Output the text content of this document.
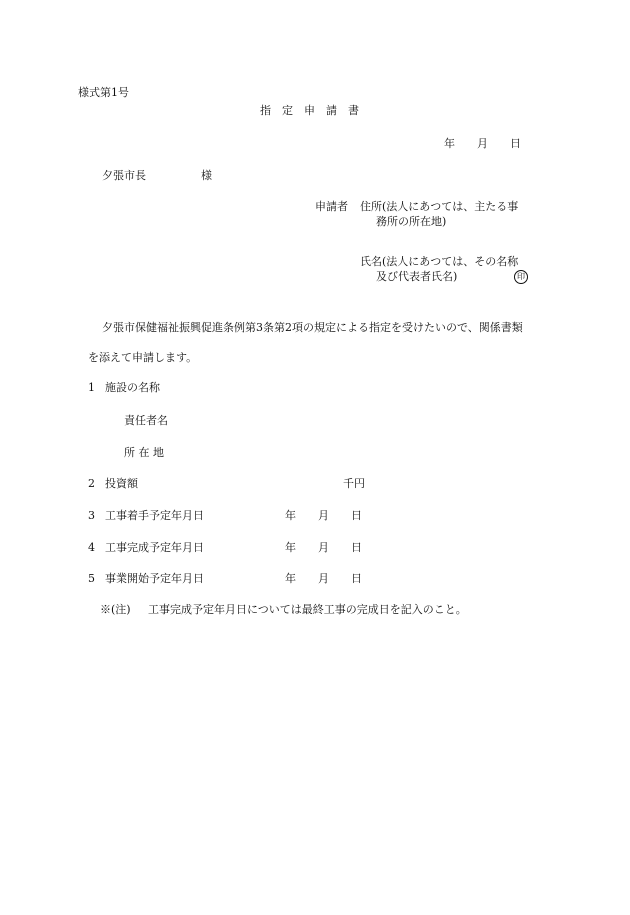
様式第1号
指　定　申　請　書
年　　月　　日
夕張市長　　　　　様
申請者 住所(法人にあつては、主たる事
務所の所在地)
氏名(法人にあつては、その名称
及び代表者氏名)	印
夕張市保健福祉振興促進条例第3条第2項の規定による指定を受けたいので、関係書類
を添えて申請します。
1 施設の名称
責任者名
所 在 地
2 投資額	千円
3 工事着手予定年月日	年　　月　　日
4 工事完成予定年月日	年　　月　　日
5 事業開始予定年月日	年　　月　　日
※(注) 工事完成予定年月日については最終工事の完成日を記入のこと。
